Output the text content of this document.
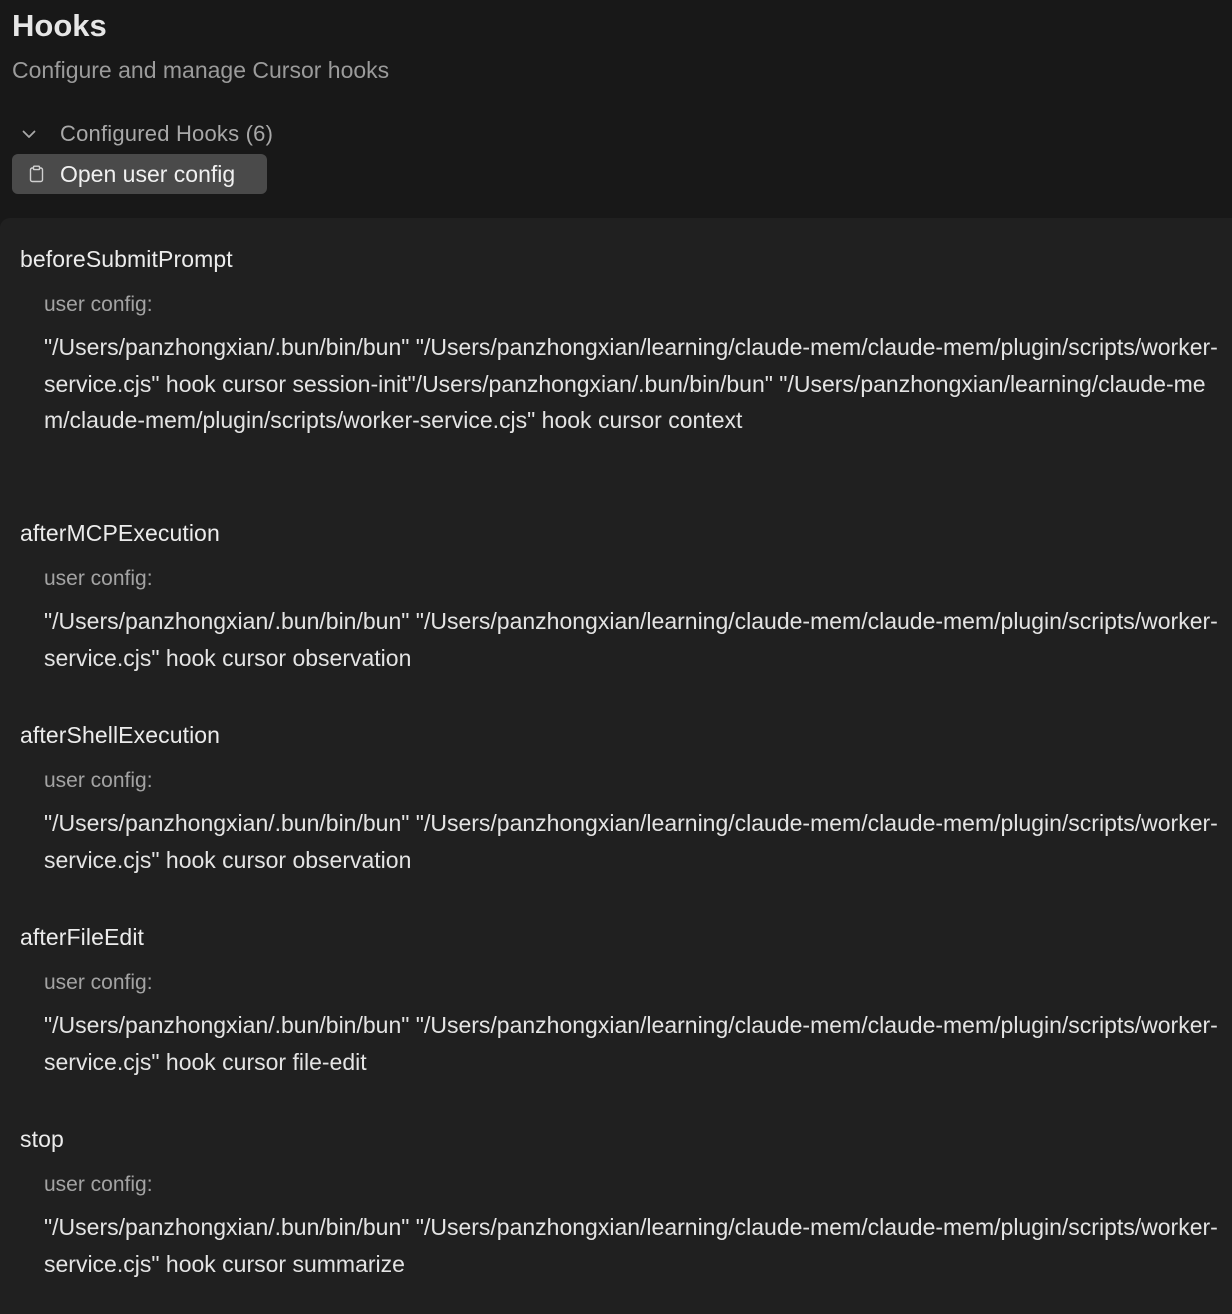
Hooks
Configure and manage Cursor hooks
Configured Hooks (6)
Open user config
beforeSubmitPrompt
user config:
"/Users/panzhongxian/.bun/bin/bun" "/Users/panzhongxian/learning/claude-mem/claude-mem/plugin/scripts/worker-service.cjs" hook cursor session-init"/Users/panzhongxian/.bun/bin/bun" "/Users/panzhongxian/learning/claude-mem/claude-mem/plugin/scripts/worker-service.cjs" hook cursor context
afterMCPExecution
user config:
"/Users/panzhongxian/.bun/bin/bun" "/Users/panzhongxian/learning/claude-mem/claude-mem/plugin/scripts/worker-service.cjs" hook cursor observation
afterShellExecution
user config:
"/Users/panzhongxian/.bun/bin/bun" "/Users/panzhongxian/learning/claude-mem/claude-mem/plugin/scripts/worker-service.cjs" hook cursor observation
afterFileEdit
user config:
"/Users/panzhongxian/.bun/bin/bun" "/Users/panzhongxian/learning/claude-mem/claude-mem/plugin/scripts/worker-service.cjs" hook cursor file-edit
stop
user config:
"/Users/panzhongxian/.bun/bin/bun" "/Users/panzhongxian/learning/claude-mem/claude-mem/plugin/scripts/worker-service.cjs" hook cursor summarize
